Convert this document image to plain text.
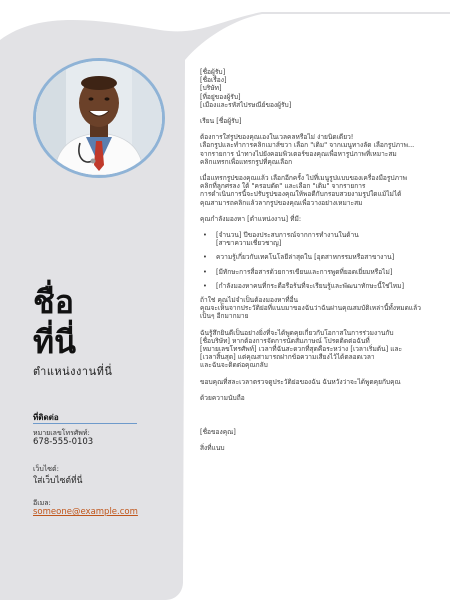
ชื่อ
ที่นี่
ตำแหน่งงานที่นี่
ที่ติดต่อ
หมายเลขโทรศัพท์:
678-555-0103
เว็บไซต์:
ใส่เว็บไซต์ที่นี่
อีเมล:
someone@example.com

[ชื่อผู้รับ]

[ชื่อเรื่อง]

[บริษัท]

[ที่อยู่ของผู้รับ]

[เมืองและรหัสไปรษณีย์ของผู้รับ]

เรียน [ชื่อผู้รับ]

ต้องการใส่รูปของคุณเองในเวลคลหรือไม่ ง่ายนิดเดียว!

เลือกรูปและทำการคลิกเมาส์ขวา เลือก "เติม" จากเมนูทางลัด เลือกรูปภาพ...

จากรายการ นำทางไปยังคอมพิวเตอร์ของคุณเพื่อหารูปภาพที่เหมาะสม

คลิกแทรกเพื่อแทรกรูปที่คุณเลือก

เมื่อแทรกรูปของคุณแล้ว เลือกอีกครั้ง ไปที่เมนูรูปแบบของเครื่องมือรูปภาพ

คลิกที่ลูกศรลง ใต้ "ครอบตัด" และเลือก "เติม" จากรายการ

การดำเนินการนี้จะปรับรูปของคุณให้พอดีกับกรอบสวยงามรูปใดแม้ไม่ได้

คุณสามารถคลิกแล้วลากรูปของคุณเพื่อวางอย่างเหมาะสม

คุณกำลังมองหา [ตำแหน่งงาน] ที่มี:

• [จำนวน] ปีของประสบการณ์จากการทำงานในด้าน

[สาขาความเชี่ยวชาญ]

• ความรู้เกี่ยวกับเทคโนโลยีล่าสุดใน [อุตสาหกรรมหรือสาขางาน]

• [มีทักษะการสื่อสารด้วยการเขียนและการพูดที่ยอดเยี่ยมหรือไม่]

• [กำลังมองหาคนที่กระตือรือร้นที่จะเรียนรู้และพัฒนาทักษะนี้ใช่ไหม]

ถ้าใช่ คุณไม่จำเป็นต้องมองหาที่อื่น

คุณจะเห็นจากประวัติย่อที่แนบมาของฉันว่าฉันผ่านคุณสมบัติเหล่านี้ทั้งหมดแล้ว

เป็นๆ อีกมากมาย

ฉันรู้สึกยินดีเป็นอย่างยิ่งที่จะได้พูดคุยเกี่ยวกับโอกาสในการร่วมงานกับ

[ชื่อบริษัท] หากต้องการจัดการนัดสัมภาษณ์ โปรดติดต่อฉันที่

[หมายเลขโทรศัพท์] เวลาที่ฉันสะดวกที่สุดคือระหว่าง [เวลาเริ่มต้น] และ

[เวลาสิ้นสุด] แต่คุณสามารถฝากข้อความเสียงไว้ได้ตลอดเวลา

และฉันจะติดต่อคุณกลับ

ขอบคุณที่สละเวลาตรวจดูประวัติย่อของฉัน ฉันหวังว่าจะได้พูดคุยกับคุณ

ด้วยความนับถือ

[ชื่อของคุณ]

สิ่งที่แนบ
